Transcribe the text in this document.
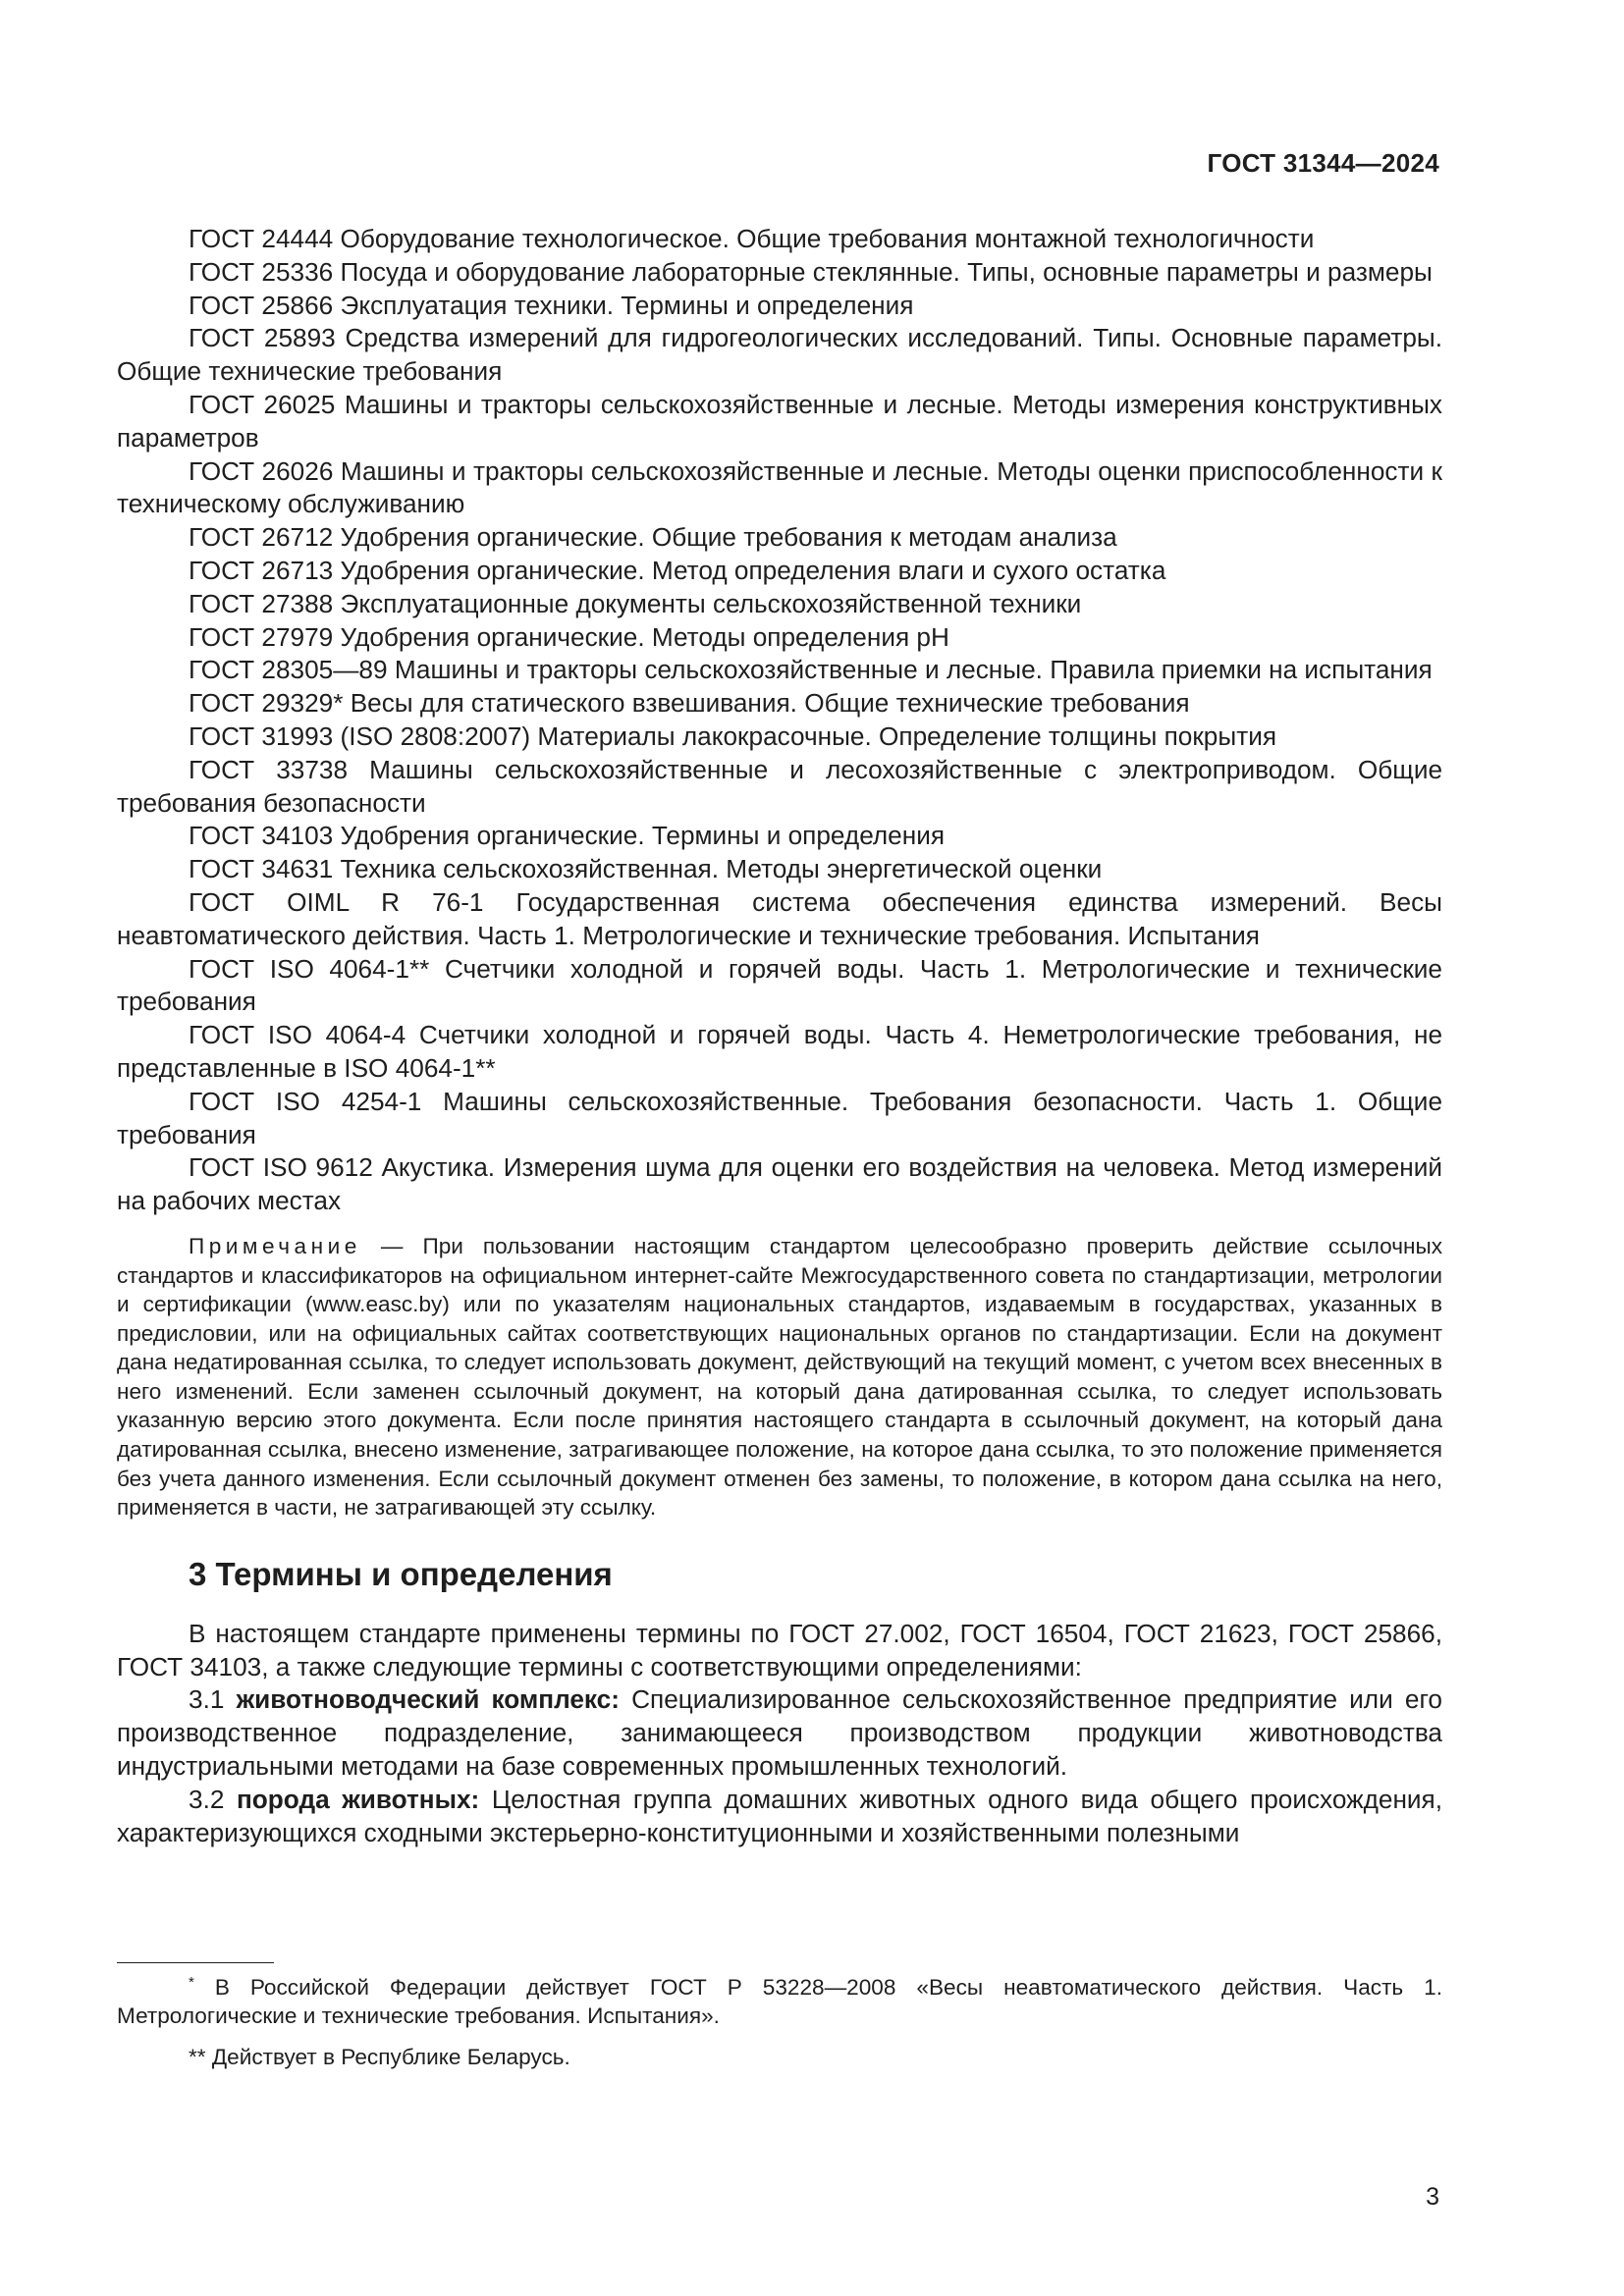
ГОСТ 31344—2024

ГОСТ 24444 Оборудование технологическое. Общие требования монтажной технологичности

ГОСТ 25336 Посуда и оборудование лабораторные стеклянные. Типы, основные параметры и размеры

ГОСТ 25866 Эксплуатация техники. Термины и определения

ГОСТ 25893 Средства измерений для гидрогеологических исследований. Типы. Основные параметры. Общие технические требования

ГОСТ 26025 Машины и тракторы сельскохозяйственные и лесные. Методы измерения конструктивных параметров

ГОСТ 26026 Машины и тракторы сельскохозяйственные и лесные. Методы оценки приспособленности к техническому обслуживанию

ГОСТ 26712 Удобрения органические. Общие требования к методам анализа

ГОСТ 26713 Удобрения органические. Метод определения влаги и сухого остатка

ГОСТ 27388 Эксплуатационные документы сельскохозяйственной техники

ГОСТ 27979 Удобрения органические. Методы определения pH

ГОСТ 28305—89 Машины и тракторы сельскохозяйственные и лесные. Правила приемки на испытания

ГОСТ 29329* Весы для статического взвешивания. Общие технические требования

ГОСТ 31993 (ISO 2808:2007) Материалы лакокрасочные. Определение толщины покрытия

ГОСТ 33738 Машины сельскохозяйственные и лесохозяйственные с электроприводом. Общие требования безопасности

ГОСТ 34103 Удобрения органические. Термины и определения

ГОСТ 34631 Техника сельскохозяйственная. Методы энергетической оценки

ГОСТ OIML R 76-1 Государственная система обеспечения единства измерений. Весы неавтоматического действия. Часть 1. Метрологические и технические требования. Испытания

ГОСТ ISO 4064-1** Счетчики холодной и горячей воды. Часть 1. Метрологические и технические требования

ГОСТ ISO 4064-4 Счетчики холодной и горячей воды. Часть 4. Неметрологические требования, не представленные в ISO 4064-1**

ГОСТ ISO 4254-1 Машины сельскохозяйственные. Требования безопасности. Часть 1. Общие требования

ГОСТ ISO 9612 Акустика. Измерения шума для оценки его воздействия на человека. Метод измерений на рабочих местах

Примечание — При пользовании настоящим стандартом целесообразно проверить действие ссылочных стандартов и классификаторов на официальном интернет-сайте Межгосударственного совета по стандартизации, метрологии и сертификации (www.easc.by) или по указателям национальных стандартов, издаваемым в государствах, указанных в предисловии, или на официальных сайтах соответствующих национальных органов по стандартизации. Если на документ дана недатированная ссылка, то следует использовать документ, действующий на текущий момент, с учетом всех внесенных в него изменений. Если заменен ссылочный документ, на который дана датированная ссылка, то следует использовать указанную версию этого документа. Если после принятия настоящего стандарта в ссылочный документ, на который дана датированная ссылка, внесено изменение, затрагивающее положение, на которое дана ссылка, то это положение применяется без учета данного изменения. Если ссылочный документ отменен без замены, то положение, в котором дана ссылка на него, применяется в части, не затрагивающей эту ссылку.

3 Термины и определения

В настоящем стандарте применены термины по ГОСТ 27.002, ГОСТ 16504, ГОСТ 21623, ГОСТ 25866, ГОСТ 34103, а также следующие термины с соответствующими определениями:

3.1 животноводческий комплекс: Специализированное сельскохозяйственное предприятие или его производственное подразделение, занимающееся производством продукции животноводства индустриальными методами на базе современных промышленных технологий.

3.2 порода животных: Целостная группа домашних животных одного вида общего происхождения, характеризующихся сходными экстерьерно-конституционными и хозяйственными полезными

* В Российской Федерации действует ГОСТ Р 53228—2008 «Весы неавтоматического действия. Часть 1. Метрологические и технические требования. Испытания».

** Действует в Республике Беларусь.

3
